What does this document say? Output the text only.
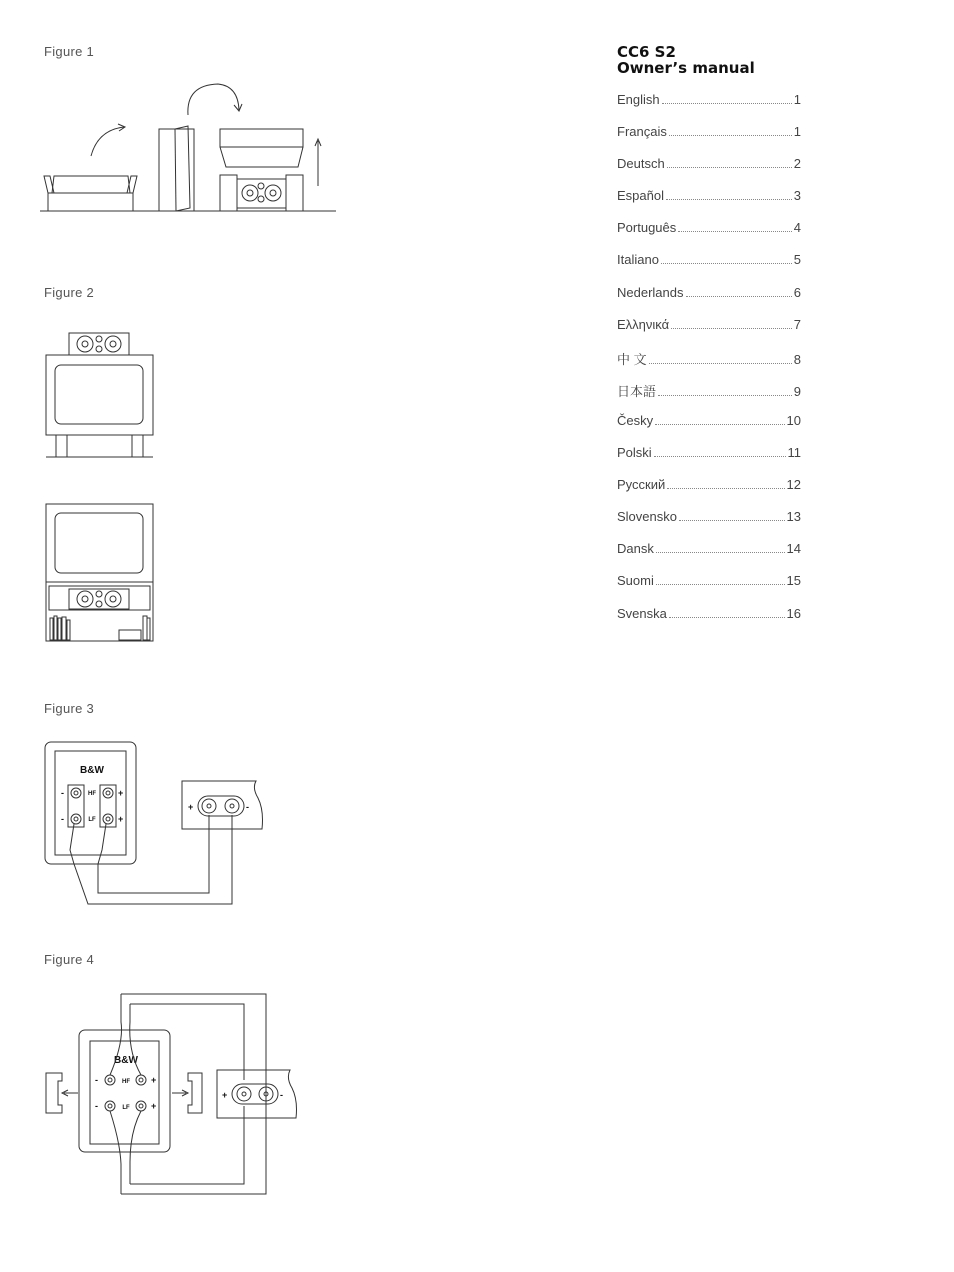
Figure 1
Figure 2
Figure 3
Figure 4
CC6 S2
Owner’s manual
English	1
Français	1
Deutsch	2
Español	3
Português	4
Italiano	5
Nederlands	6
Ελληνικά	7
中 文	8
日本語	9
Česky	10
Polski	11
Русский	12
Slovensko	13
Dansk	14
Suomi	15
Svenska	16
B&W
HF
LF
-	+
-	+
+	-
B&W
HF
LF
-	+
-	+
+	-
